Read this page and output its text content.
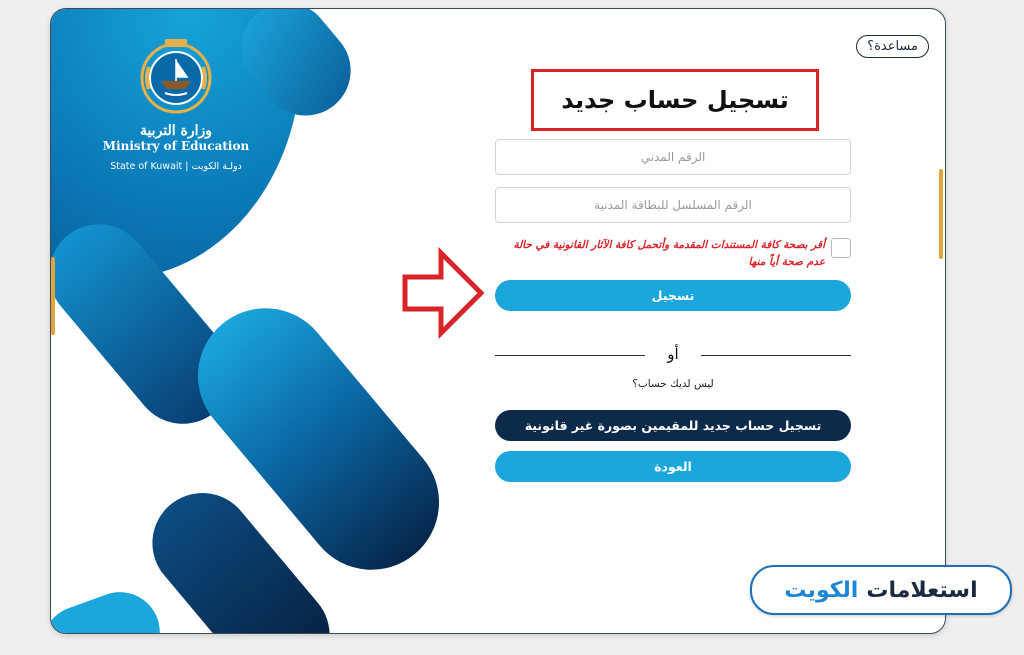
وزارة التربية
Ministry of Education
State of Kuwait | دولـة الكويت
مساعدة؟
تسجيل حساب جديد
الرقم المدني
الرقم المسلسل للبطاقة المدنية
أقر بصحة كافة المستندات المقدمة وأتحمل كافة الآثار القانونية في حالة عدم صحة أياً منها
تسجيل
أو
ليس لديك حساب؟
تسجيل حساب جديد للمقيمين بصورة غير قانونية
العودة
استعلامات
الكويت
